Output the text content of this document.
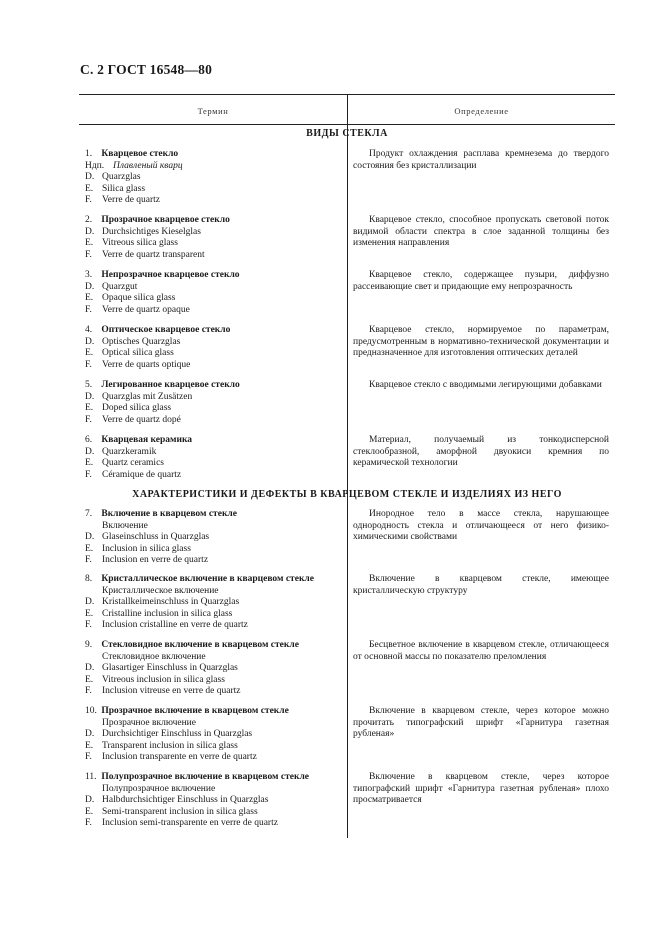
С. 2 ГОСТ 16548—80
Термин	Определение
ВИДЫ СТЕКЛА
ХАРАКТЕРИСТИКИ И ДЕФЕКТЫ В КВАРЦЕВОМ СТЕКЛЕ И ИЗДЕЛИЯХ ИЗ НЕГО
1. Кварцевое стекло
Ндп. Плавленый кварц
D. Quarzglas
E. Silica glass
F. Verre de quartz
Продукт охлаждения расплава кремнезема до твердого состояния без кристаллизации
2. Прозрачное кварцевое стекло
D. Durchsichtiges Kieselglas
E. Vitreous silica glass
F. Verre de quartz transparent
Кварцевое стекло, способное пропускать световой поток видимой области спектра в слое заданной толщины без изменения направления
3. Непрозрачное кварцевое стекло
D. Quarzgut
E. Opaque silica glass
F. Verre de quartz opaque
Кварцевое стекло, содержащее пузыри, диффузно рассеивающие свет и придающие ему непрозрачность
4. Оптическое кварцевое стекло
D. Optisches Quarzglas
E. Optical silica glass
F. Verre de quarts optique
Кварцевое стекло, нормируемое по параметрам, предусмотренным в нормативно-технической документации и предназначенное для изготовления оптических деталей
5. Легированное кварцевое стекло
D. Quarzglas mit Zusätzen
E. Doped silica glass
F. Verre de quartz dopé
Кварцевое стекло с вводимыми легирующими добавками
6. Кварцевая керамика
D. Quarzkeramik
E. Quartz ceramics
F. Céramique de quartz
Материал, получаемый из тонкодисперсной стеклообразной, аморфной двуокиси кремния по керамической технологии
7. Включение в кварцевом стекле
Включение
D. Glaseinschluss in Quarzglas
E. Inclusion in silica glass
F. Inclusion en verre de quartz
Инородное тело в массе стекла, нарушающее однородность стекла и отличающееся от него физико-химическими свойствами
8. Кристаллическое включение в кварцевом стекле
Кристаллическое включение
D. Kristallkeimeinschluss in Quarzglas
E. Cristalline inclusion in silica glass
F. Inclusion cristalline en verre de quartz
Включение в кварцевом стекле, имеющее кристаллическую структуру
9. Стекловидное включение в кварцевом стекле
Стекловидное включение
D. Glasartiger Einschluss in Quarzglas
E. Vitreous inclusion in silica glass
F. Inclusion vitreuse en verre de quartz
Бесцветное включение в кварцевом стекле, отличающееся от основной массы по показателю преломления
10. Прозрачное включение в кварцевом стекле
Прозрачное включение
D. Durchsichtiger Einschluss in Quarzglas
E. Transparent inclusion in silica glass
F. Inclusion transparente en verre de quartz
Включение в кварцевом стекле, через которое можно прочитать типографский шрифт «Гарнитура газетная рубленая»
11. Полупрозрачное включение в кварцевом стекле
Полупрозрачное включение
D. Halbdurchsichtiger Einschluss in Quarzglas
E. Semi-transparent inclusion in silica glass
F. Inclusion semi-transparente en verre de quartz
Включение в кварцевом стекле, через которое типографский шрифт «Гарнитура газетная рубленая» плохо просматривается
